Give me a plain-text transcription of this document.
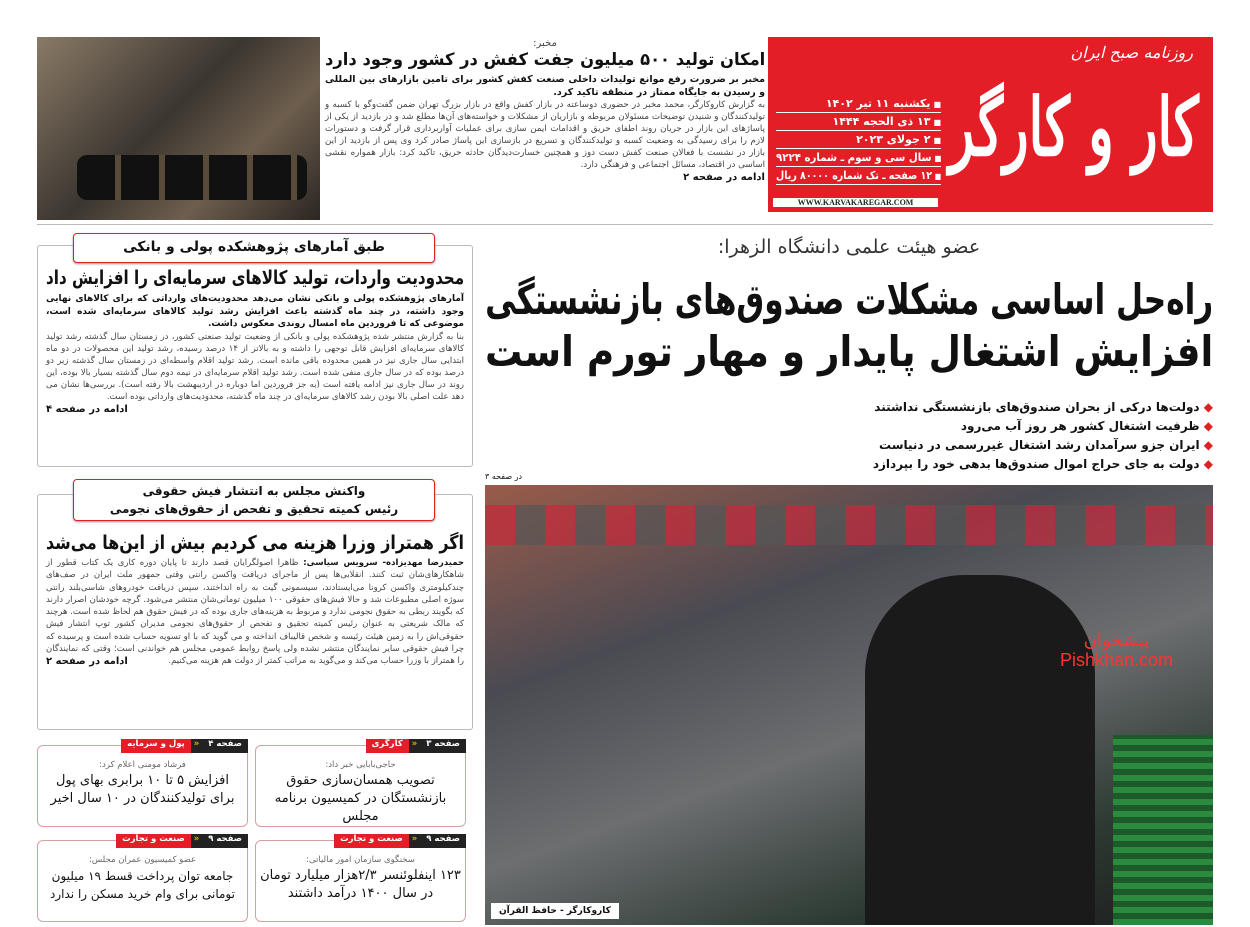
روزنامه صبح ایران
کار و کارگر
■یکشنبه ۱۱ تیر ۱۴۰۲
■۱۳ ذی الحجه ۱۴۴۴
■۲ جولای ۲۰۲۳
■سال سی و سوم ـ شماره ۹۲۲۴
■۱۲ صفحه ـ تک شماره ۸۰۰۰۰ ریال
WWW.KARVAKAREGAR.COM
مخبر:
امکان تولید ۵۰۰ میلیون جفت کفش در کشور وجود دارد
مخبر بر ضرورت رفع موانع تولیدات داخلی صنعت کفش کشور برای تامین بازارهای بین المللی و رسیدن به جایگاه ممتاز در منطقه تاکید کرد.
به گزارش کاروکارگر، محمد مخبر در حضوری دوساعته در بازار کفش واقع در بازار بزرگ تهران ضمن گفت‌وگو با کسبه و تولیدکنندگان و شنیدن توضیحات مسئولان مربوطه و بازاریان از مشکلات و خواسته‌های آن‌ها مطلع شد و در بازدید از یکی از پاساژهای این بازار در جریان روند اطفای حریق و اقدامات ایمن سازی برای عملیات آواربرداری قرار گرفت و دستورات لازم را برای رسیدگی به وضعیت کسبه و تولیدکنندگان و تسریع در بازسازی این پاساژ صادر کرد وی پس از بازدید از این بازار در نشست با فعالان صنعت کفش دست دوز و همچنین خسارت‌دیدگان حادثه حریق، تاکید کرد: بازار همواره نقشی اساسی در اقتصاد، مسائل اجتماعی و فرهنگی دارد.
ادامه در صفحه ۲
محدودیت واردات، تولید کالاهای سرمایه‌ای را افزایش داد
آمارهای پژوهشکده پولی و بانکی نشان می‌دهد محدودیت‌های وارداتی که برای کالاهای نهایی وجود داشته، در چند ماه گذشته باعث افزایش رشد تولید کالاهای سرمایه‌ای شده است، موضوعی که تا فروردین ماه امسال روندی معکوس داشت.
بنا به گزارش منتشر شده پژوهشکده پولی و بانکی از وضعیت تولید صنعتی کشور، در زمستان سال گذشته رشد تولید کالاهای سرمایه‌ای افزایش قابل توجهی را داشته و به بالاتر از ۱۴ درصد رسیده، رشد تولید این محصولات در دو ماه ابتدایی سال جاری نیز در همین محدوده باقی مانده است. رشد تولید اقلام واسطه‌ای در زمستان سال گذشته زیر دو درصد بوده که در سال جاری منفی شده است. رشد تولید اقلام سرمایه‌ای در نیمه دوم سال گذشته بسیار بالا بوده، این روند در سال جاری نیز ادامه یافته است (به جز فروردین اما دوباره در اردیبهشت بالا رفته است). بررسی‌ها نشان می دهد علت اصلی بالا بودن رشد کالاهای سرمایه‌ای در چند ماه گذشته، محدودیت‌های وارداتی بوده است.
ادامه در صفحه ۴
طبق آمارهای پژوهشکده پولی و بانکی
اگر همتراز وزرا هزینه می کردیم بیش از این‌ها می‌شد
حمیدرضا مهدیزاده- سرویس سیاسی: ظاهرا اصولگرایان قصد دارند تا پایان دوره کاری یک کتاب قطور از شاهکارهای‌شان ثبت کنند. انقلابی‌ها پس از ماجرای دریافت واکسن رانتی وقتی جمهور ملت ایران در صف‌های چندکیلومتری واکسن کرونا می‌ایستادند، سیسمونی گیت به راه انداختند، سپس دریافت خودروهای شاسی‌بلند رانتی سوژه اصلی مطبوعات شد و حالا فیش‌های حقوقی ۱۰۰ میلیون تومانی‌شان منتشر می‌شود. گرچه خودشان اصرار دارند که بگویند ربطی به حقوق نجومی ندارد و مربوط به هزینه‌های جاری بوده که در فیش حقوق هم لحاظ شده است. هرچند که مالک شریعتی به عنوان رئیس کمیته تحقیق و تفحص از حقوق‌های نجومی مدیران کشور توپ انتشار فیش حقوقی‌اش را به زمین هیئت رئیسه و شخص قالیباف انداخته و می گوید که با او تسویه حساب شده است و پرسیده که چرا فیش حقوقی سایر نمایندگان منتشر نشده ولی پاسخ روابط عمومی مجلس هم خواندنی است؛ وقتی که نمایندگان را همتراز با وزرا حساب می‌کند و می‌گوید به مراتب کمتر از دولت هم هزینه می‌کنیم.
ادامه در صفحه ۲
واکنش مجلس به انتشار فیش حقوقی
رئیس کمیته تحقیق و تفحص از حقوق‌های نجومی
صفحه ۳
«
کارگری
حاجی‌بابایی خبر داد:
تصویب همسان‌سازی حقوق بازنشستگان در کمیسیون برنامه مجلس
صفحه ۴
«
پول و سرمایه
فرشاد مومنی اعلام کرد:
افزایش ۵ تا ۱۰ برابری بهای پول برای تولیدکنندگان در ۱۰ سال اخیر
صفحه ۹
«
صنعت و تجارت
سخنگوی سازمان امور مالیاتی:
۱۲۳ اینفلوئنسر ۲/۳هزار میلیارد تومان در سال ۱۴۰۰ درآمد داشتند
صفحه ۹
«
صنعت و تجارت
عضو کمیسیون عمران مجلس:
جامعه توان پرداخت قسط ۱۹ میلیون تومانی برای وام خرید مسکن را ندارد
عضو هیئت علمی دانشگاه الزهرا:
راه‌حل اساسی مشکلات صندوق‌های بازنشستگی
افزایش اشتغال پایدار و مهار تورم است
◆ دولت‌ها درکی از بحران صندوق‌های بازنشستگی نداشتند
◆ ظرفیت اشتغال کشور هر روز آب می‌رود
◆ ایران جزو سرآمدان رشد اشتغال غیررسمی در دنیاست
◆ دولت به جای حراج اموال صندوق‌ها بدهی خود را بپردازد
در صفحه ۳
پیشخوان
Pishkhan.com
کاروکارگر - حافظ القرآن
